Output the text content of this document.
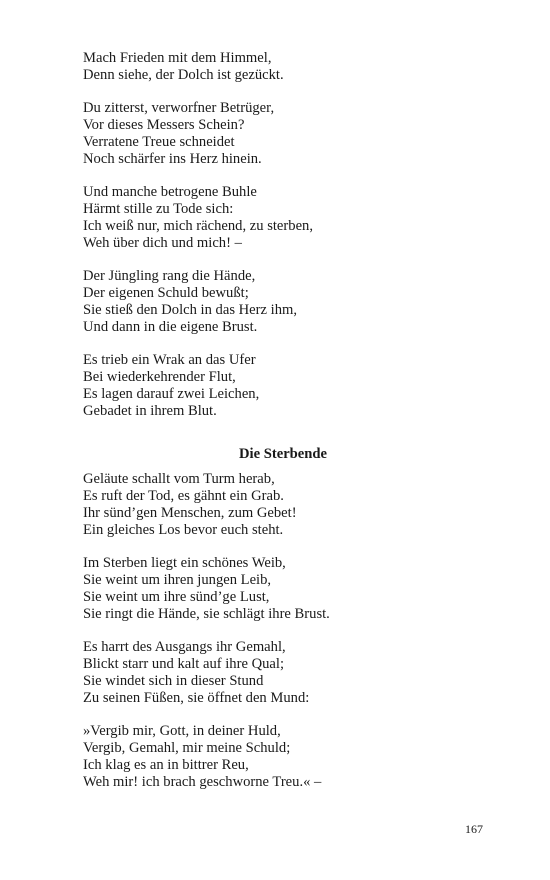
Mach Frieden mit dem Himmel,
Denn siehe, der Dolch ist gezückt.
Du zitterst, verworfner Betrüger,
Vor dieses Messers Schein?
Verratene Treue schneidet
Noch schärfer ins Herz hinein.
Und manche betrogene Buhle
Härmt stille zu Tode sich:
Ich weiß nur, mich rächend, zu sterben,
Weh über dich und mich! –
Der Jüngling rang die Hände,
Der eigenen Schuld bewußt;
Sie stieß den Dolch in das Herz ihm,
Und dann in die eigene Brust.
Es trieb ein Wrak an das Ufer
Bei wiederkehrender Flut,
Es lagen darauf zwei Leichen,
Gebadet in ihrem Blut.
Die Sterbende
Geläute schallt vom Turm herab,
Es ruft der Tod, es gähnt ein Grab.
Ihr sünd’gen Menschen, zum Gebet!
Ein gleiches Los bevor euch steht.
Im Sterben liegt ein schönes Weib,
Sie weint um ihren jungen Leib,
Sie weint um ihre sünd’ge Lust,
Sie ringt die Hände, sie schlägt ihre Brust.
Es harrt des Ausgangs ihr Gemahl,
Blickt starr und kalt auf ihre Qual;
Sie windet sich in dieser Stund
Zu seinen Füßen, sie öffnet den Mund:
»Vergib mir, Gott, in deiner Huld,
Vergib, Gemahl, mir meine Schuld;
Ich klag es an in bittrer Reu,
Weh mir! ich brach geschworne Treu.« –
167
